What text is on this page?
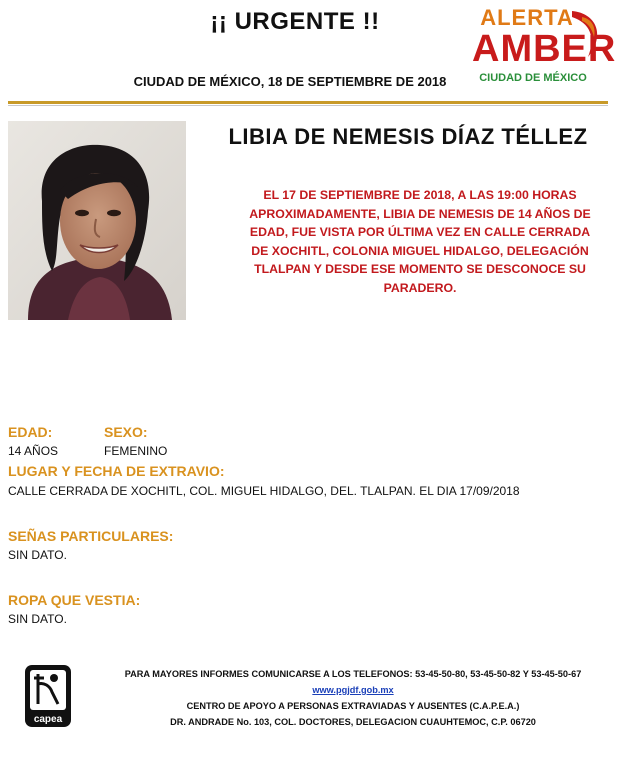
¡¡ URGENTE !!
CIUDAD DE MÉXICO, 18 DE SEPTIEMBRE DE 2018
ALERTA
AMBER
CIUDAD DE MÉXICO
LIBIA DE NEMESIS DÍAZ TÉLLEZ
EL 17 DE SEPTIEMBRE DE 2018, A LAS 19:00 HORAS APROXIMADAMENTE, LIBIA DE NEMESIS DE 14 AÑOS DE EDAD, FUE VISTA POR ÚLTIMA VEZ EN CALLE CERRADA DE XOCHITL, COLONIA MIGUEL HIDALGO, DELEGACIÓN TLALPAN Y DESDE ESE MOMENTO SE DESCONOCE SU PARADERO.
EDAD:	SEXO:
14 AÑOS	FEMENINO
LUGAR Y FECHA DE EXTRAVIO:
CALLE CERRADA DE XOCHITL, COL. MIGUEL HIDALGO, DEL. TLALPAN. EL DIA 17/09/2018
SEÑAS PARTICULARES:
SIN DATO.
ROPA QUE VESTIA:
SIN DATO.
capea
PARA MAYORES INFORMES COMUNICARSE A LOS TELEFONOS: 53-45-50-80, 53-45-50-82 Y 53-45-50-67
www.pgjdf.gob.mx
CENTRO DE APOYO A PERSONAS EXTRAVIADAS Y AUSENTES (C.A.P.E.A.)
DR. ANDRADE No. 103, COL. DOCTORES, DELEGACION CUAUHTEMOC, C.P. 06720
